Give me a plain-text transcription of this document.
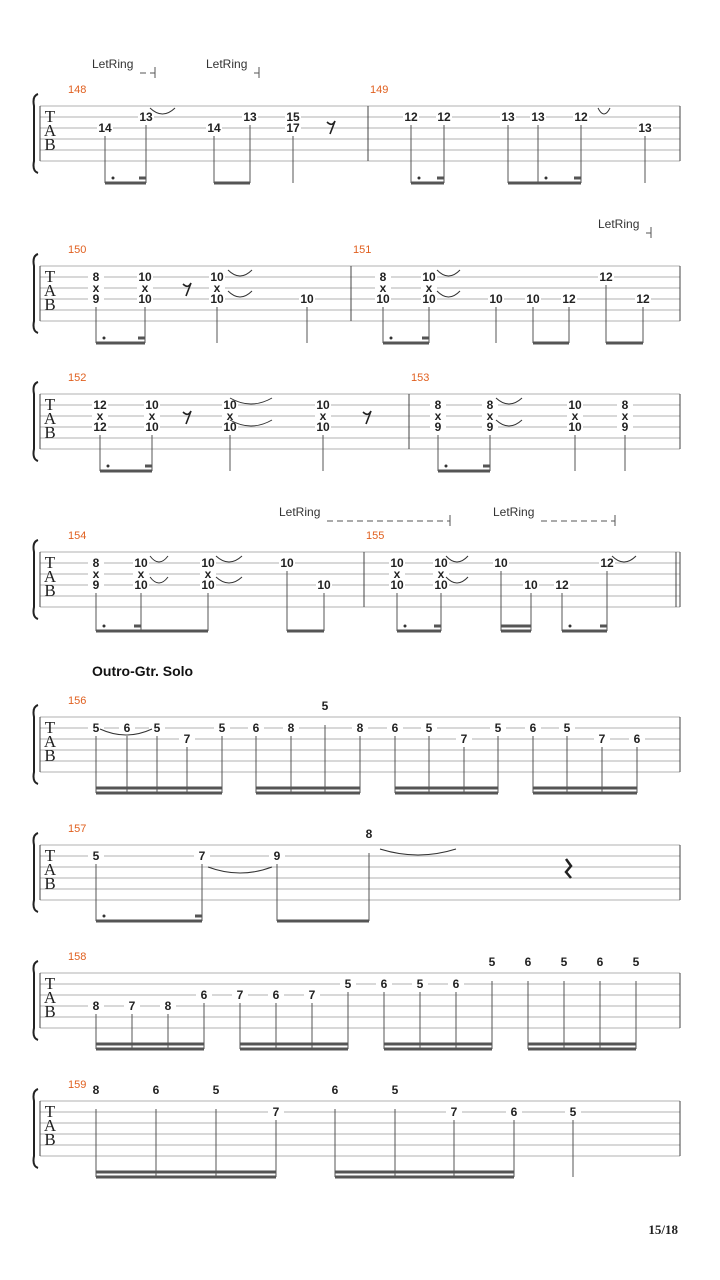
T
A
B
148
14
13
14
13 15
17
149
12 12	13 13 12
13
T
A
B
150
8
x
9
10
x
10
10
x
10	10
151
8
x
10
10
x
10	10 10 12
12
12
T
A
B
152
12
x
12
10
x
10
10
x
10
10
x
10
153
8
x
9
8
x
9
10
x
10
8
x
9
T
A
B
154
8
x
9
10
x
10
10
x
10
10
10
155
10
x
10
10
x
10
10
10 12
12
T
A
B
156
5 6 5
7
5 6 8
5
8 6 5
7
5 6 5
7 6
T
A
B
157
5	7	9
8
T
A
B
158
8 7 8
6 7 6 7
5 6 5 6
5 6 5 6 5
T
A
B
159 8	6	5
7
6	5
7	6	5
LetRing	LetRing
LetRing
LetRing	LetRing
Outro-Gtr. Solo
15/18
